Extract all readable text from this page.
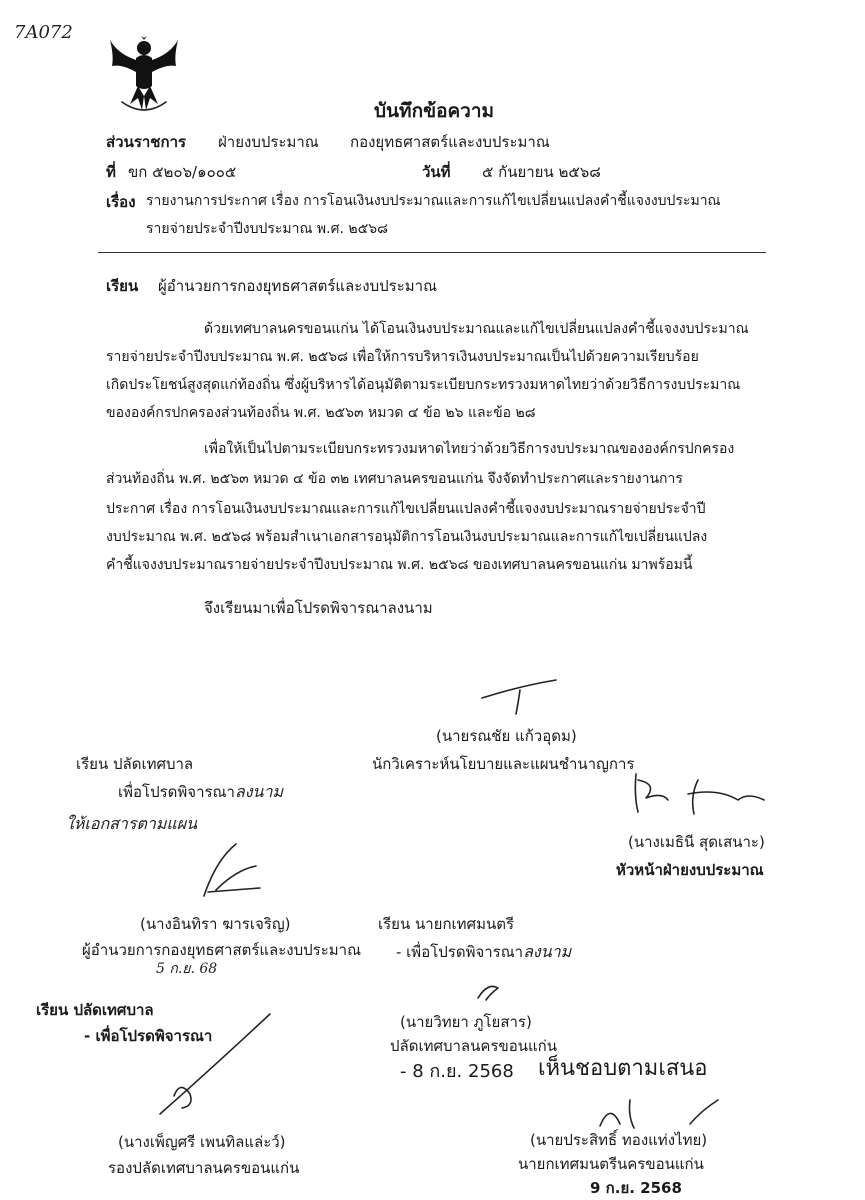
7A072
บันทึกข้อความ
ส่วนราชการ ฝ่ายงบประมาณ กองยุทธศาสตร์และงบประมาณ
ที่ ขก ๕๒๐๖/๑๐๐๕	วันที่ ๕ กันยายน ๒๕๖๘
เรื่อง รายงานการประกาศ เรื่อง การโอนเงินงบประมาณและการแก้ไขเปลี่ยนแปลงคำชี้แจงงบประมาณ
รายจ่ายประจำปีงบประมาณ พ.ศ. ๒๕๖๘
เรียน ผู้อำนวยการกองยุทธศาสตร์และงบประมาณ
ด้วยเทศบาลนครขอนแก่น ได้โอนเงินงบประมาณและแก้ไขเปลี่ยนแปลงคำชี้แจงงบประมาณ
รายจ่ายประจำปีงบประมาณ พ.ศ. ๒๕๖๘ เพื่อให้การบริหารเงินงบประมาณเป็นไปด้วยความเรียบร้อย
เกิดประโยชน์สูงสุดแก่ท้องถิ่น ซึ่งผู้บริหารได้อนุมัติตามระเบียบกระทรวงมหาดไทยว่าด้วยวิธีการงบประมาณ
ขององค์กรปกครองส่วนท้องถิ่น พ.ศ. ๒๕๖๓ หมวด ๔ ข้อ ๒๖ และข้อ ๒๘
เพื่อให้เป็นไปตามระเบียบกระทรวงมหาดไทยว่าด้วยวิธีการงบประมาณขององค์กรปกครอง
ส่วนท้องถิ่น พ.ศ. ๒๕๖๓ หมวด ๔ ข้อ ๓๒ เทศบาลนครขอนแก่น จึงจัดทำประกาศและรายงานการ
ประกาศ เรื่อง การโอนเงินงบประมาณและการแก้ไขเปลี่ยนแปลงคำชี้แจงงบประมาณรายจ่ายประจำปี
งบประมาณ พ.ศ. ๒๕๖๘ พร้อมสำเนาเอกสารอนุมัติการโอนเงินงบประมาณและการแก้ไขเปลี่ยนแปลง
คำชี้แจงงบประมาณรายจ่ายประจำปีงบประมาณ พ.ศ. ๒๕๖๘ ของเทศบาลนครขอนแก่น มาพร้อมนี้
จึงเรียนมาเพื่อโปรดพิจารณาลงนาม
(นายรณชัย แก้วอุดม)
นักวิเคราะห์นโยบายและแผนชำนาญการ
เรียน ปลัดเทศบาล
เพื่อโปรดพิจารณาลงนาม
ให้เอกสารตามแผน
(นางเมธินี สุดเสนาะ)
หัวหน้าฝ่ายงบประมาณ
(นางอินทิรา ฆารเจริญ)
ผู้อำนวยการกองยุทธศาสตร์และงบประมาณ
5 ก.ย. 68
เรียน นายกเทศมนตรี
- เพื่อโปรดพิจารณาลงนาม
(นายวิทยา ภูโยสาร)
ปลัดเทศบาลนครขอนแก่น
- 8 ก.ย. 2568 เห็นชอบตามเสนอ
เรียน ปลัดเทศบาล
- เพื่อโปรดพิจารณา
(นางเพ็ญศรี เพนทิลแล่ะว์)
รองปลัดเทศบาลนครขอนแก่น
(นายประสิทธิ์ ทองแท่งไทย)
นายกเทศมนตรีนครขอนแก่น
9 ก.ย. 2568
